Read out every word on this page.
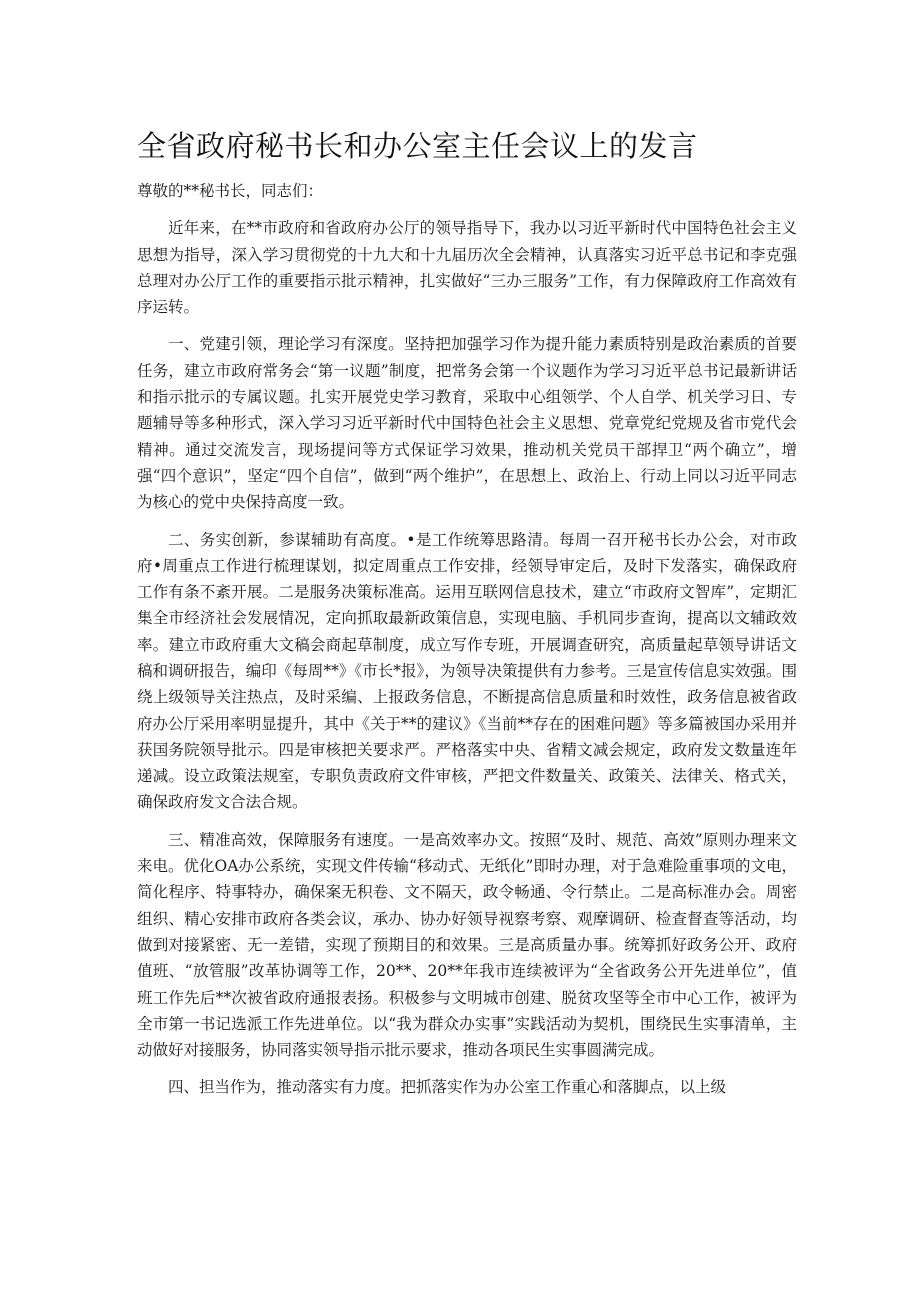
全省政府秘书长和办公室主任会议上的发言

尊敬的**秘书长，同志们：

近年来，在**市政府和省政府办公厅的领导指导下，我办以习近平新时代中国特色社会主义思想为指导，深入学习贯彻党的十九大和十九届历次全会精神，认真落实习近平总书记和李克强总理对办公厅工作的重要指示批示精神，扎实做好“三办三服务”工作，有力保障政府工作高效有序运转。

一、党建引领，理论学习有深度。坚持把加强学习作为提升能力素质特别是政治素质的首要任务，建立市政府常务会“第一议题”制度，把常务会第一个议题作为学习习近平总书记最新讲话和指示批示的专属议题。扎实开展党史学习教育，采取中心组领学、个人自学、机关学习日、专题辅导等多种形式，深入学习习近平新时代中国特色社会主义思想、党章党纪党规及省市党代会精神。通过交流发言，现场提问等方式保证学习效果，推动机关党员干部捍卫“两个确立”，增强“四个意识”，坚定“四个自信”，做到“两个维护”，在思想上、政治上、行动上同以习近平同志为核心的党中央保持高度一致。

二、务实创新，参谋辅助有高度。•是工作统筹思路清。每周一召开秘书长办公会，对市政府•周重点工作进行梳理谋划，拟定周重点工作安排，经领导审定后，及时下发落实，确保政府工作有条不紊开展。二是服务决策标准高。运用互联网信息技术，建立“市政府文智库”，定期汇集全市经济社会发展情况，定向抓取最新政策信息，实现电脑、手机同步查询，提高以文辅政效率。建立市政府重大文稿会商起草制度，成立写作专班，开展调查研究，高质量起草领导讲话文稿和调研报告，编印《每周**》《市长*报》，为领导决策提供有力参考。三是宣传信息实效强。围绕上级领导关注热点，及时采编、上报政务信息，不断提高信息质量和时效性，政务信息被省政府办公厅采用率明显提升，其中《关于**的建议》《当前**存在的困难问题》等多篇被国办采用并获国务院领导批示。四是审核把关要求严。严格落实中央、省精文减会规定，政府发文数量连年递减。设立政策法规室，专职负责政府文件审核，严把文件数量关、政策关、法律关、格式关，确保政府发文合法合规。

三、精准高效，保障服务有速度。一是高效率办文。按照“及时、规范、高效”原则办理来文来电。优化OA办公系统，实现文件传输“移动式、无纸化”即时办理，对于急难险重事项的文电，简化程序、特事特办，确保案无积卷、文不隔天，政令畅通、令行禁止。二是高标准办会。周密组织、精心安排市政府各类会议，承办、协办好领导视察考察、观摩调研、检查督查等活动，均做到对接紧密、无一差错，实现了预期目的和效果。三是高质量办事。统筹抓好政务公开、政府值班、“放管服”改革协调等工作，20**、20**年我市连续被评为“全省政务公开先进单位”，值班工作先后**次被省政府通报表扬。积极参与文明城市创建、脱贫攻坚等全市中心工作，被评为全市第一书记选派工作先进单位。以“我为群众办实事”实践活动为契机，围绕民生实事清单，主动做好对接服务，协同落实领导指示批示要求，推动各项民生实事圆满完成。

四、担当作为，推动落实有力度。把抓落实作为办公室工作重心和落脚点，以上级
